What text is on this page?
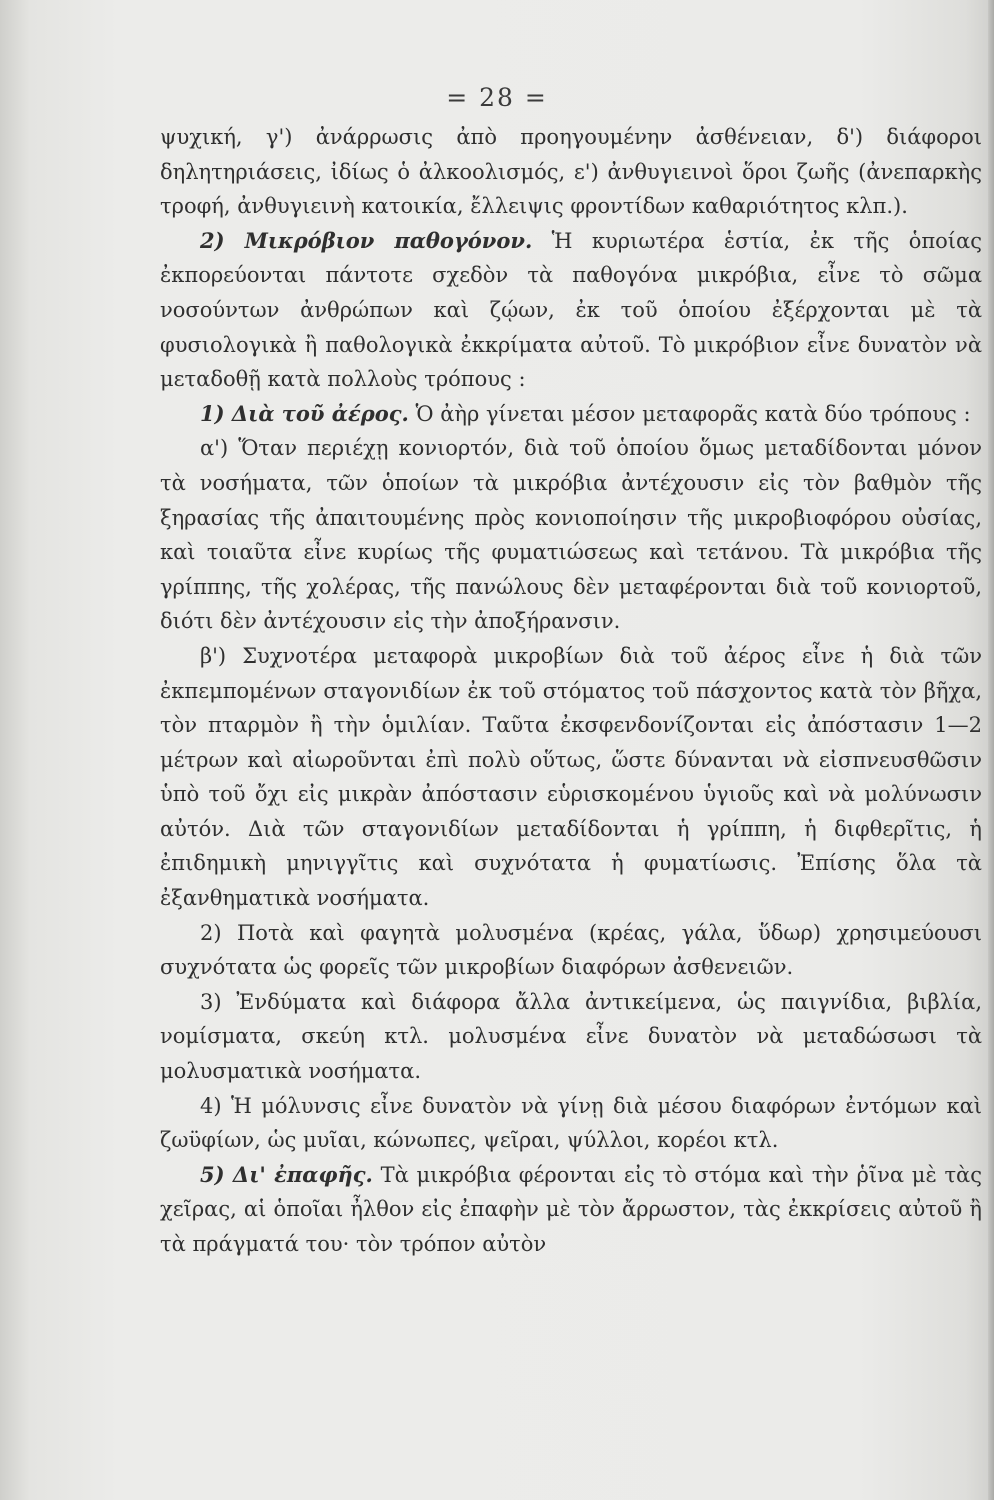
= 28 =

ψυχική, γ') ἀνάρρωσις ἀπὸ προηγουμένην ἀσθένειαν, δ') διάφοροι δηλητηριάσεις, ἰδίως ὁ ἀλκοολισμός, ε') ἀνθυγιεινοὶ ὅροι ζωῆς (ἀνεπαρκὴς τροφή, ἀνθυγιεινὴ κατοικία, ἔλλειψις φροντίδων καθαριότητος κλπ.).

2) Μικρόβιον παθογόνον. Ἡ κυριωτέρα ἑστία, ἐκ τῆς ὁποίας ἐκπορεύονται πάντοτε σχεδὸν τὰ παθογόνα μικρόβια, εἶνε τὸ σῶμα νοσούντων ἀνθρώπων καὶ ζῴων, ἐκ τοῦ ὁποίου ἐξέρχονται μὲ τὰ φυσιολογικὰ ἢ παθολογικὰ ἐκκρίματα αὐτοῦ. Τὸ μικρόβιον εἶνε δυνατὸν νὰ μεταδοθῇ κατὰ πολλοὺς τρόπους :

1) Διὰ τοῦ ἀέρος. Ὁ ἀὴρ γίνεται μέσον μεταφορᾶς κατὰ δύο τρόπους :

α') Ὅταν περιέχῃ κονιορτόν, διὰ τοῦ ὁποίου ὅμως μεταδίδονται μόνον τὰ νοσήματα, τῶν ὁποίων τὰ μικρόβια ἀντέχουσιν εἰς τὸν βαθμὸν τῆς ξηρασίας τῆς ἀπαιτουμένης πρὸς κονιοποίησιν τῆς μικροβιοφόρου οὐσίας, καὶ τοιαῦτα εἶνε κυρίως τῆς φυματιώσεως καὶ τετάνου. Τὰ μικρόβια τῆς γρίππης, τῆς χολέρας, τῆς πανώλους δὲν μεταφέρονται διὰ τοῦ κονιορτοῦ, διότι δὲν ἀντέχουσιν εἰς τὴν ἀποξήρανσιν.

β') Συχνοτέρα μεταφορὰ μικροβίων διὰ τοῦ ἀέρος εἶνε ἡ διὰ τῶν ἐκπεμπομένων σταγονιδίων ἐκ τοῦ στόματος τοῦ πάσχοντος κατὰ τὸν βῆχα, τὸν πταρμὸν ἢ τὴν ὁμιλίαν. Ταῦτα ἐκσφενδονίζονται εἰς ἀπόστασιν 1—2 μέτρων καὶ αἰωροῦνται ἐπὶ πολὺ οὕτως, ὥστε δύνανται νὰ εἰσπνευσθῶσιν ὑπὸ τοῦ ὄχι εἰς μικρὰν ἀπόστασιν εὑρισκομένου ὑγιοῦς καὶ νὰ μολύνωσιν αὐτόν. Διὰ τῶν σταγονιδίων μεταδίδονται ἡ γρίππη, ἡ διφθερῖτις, ἡ ἐπιδημικὴ μηνιγγῖτις καὶ συχνότατα ἡ φυματίωσις. Ἐπίσης ὅλα τὰ ἐξανθηματικὰ νοσήματα.

2) Ποτὰ καὶ φαγητὰ μολυσμένα (κρέας, γάλα, ὕδωρ) χρησιμεύουσι συχνότατα ὡς φορεῖς τῶν μικροβίων διαφόρων ἀσθενειῶν.

3) Ἐνδύματα καὶ διάφορα ἄλλα ἀντικείμενα, ὡς παιγνίδια, βιβλία, νομίσματα, σκεύη κτλ. μολυσμένα εἶνε δυνατὸν νὰ μεταδώσωσι τὰ μολυσματικὰ νοσήματα.

4) Ἡ μόλυνσις εἶνε δυνατὸν νὰ γίνῃ διὰ μέσου διαφόρων ἐντόμων καὶ ζωϋφίων, ὡς μυῖαι, κώνωπες, ψεῖραι, ψύλλοι, κορέοι κτλ.

5) Δι' ἐπαφῆς. Τὰ μικρόβια φέρονται εἰς τὸ στόμα καὶ τὴν ῥῖνα μὲ τὰς χεῖρας, αἱ ὁποῖαι ἦλθον εἰς ἐπαφὴν μὲ τὸν ἄρρωστον, τὰς ἐκκρίσεις αὐτοῦ ἢ τὰ πράγματά του· τὸν τρόπον αὐτὸν
